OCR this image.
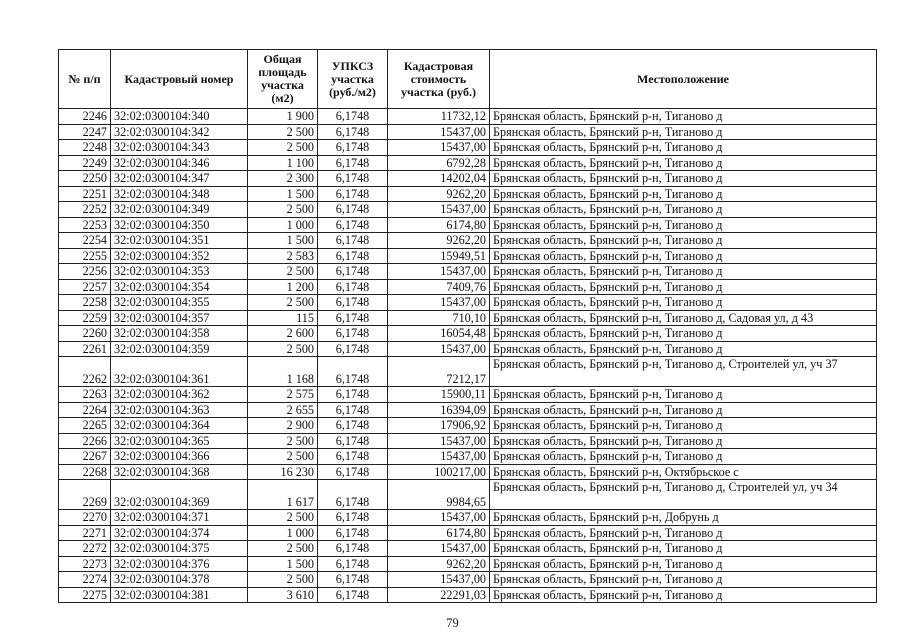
№ п/п	Кадастровый номер	Общая площадь участка (м2)	УПКСЗ участка (руб./м2)	Кадастровая стоимость участка (руб.)	Местоположение
2246	32:02:0300104:340	1 900	6,1748	11732,12	Брянская область, Брянский р-н, Тиганово д
2247	32:02:0300104:342	2 500	6,1748	15437,00	Брянская область, Брянский р-н, Тиганово д
2248	32:02:0300104:343	2 500	6,1748	15437,00	Брянская область, Брянский р-н, Тиганово д
2249	32:02:0300104:346	1 100	6,1748	6792,28	Брянская область, Брянский р-н, Тиганово д
2250	32:02:0300104:347	2 300	6,1748	14202,04	Брянская область, Брянский р-н, Тиганово д
2251	32:02:0300104:348	1 500	6,1748	9262,20	Брянская область, Брянский р-н, Тиганово д
2252	32:02:0300104:349	2 500	6,1748	15437,00	Брянская область, Брянский р-н, Тиганово д
2253	32:02:0300104:350	1 000	6,1748	6174,80	Брянская область, Брянский р-н, Тиганово д
2254	32:02:0300104:351	1 500	6,1748	9262,20	Брянская область, Брянский р-н, Тиганово д
2255	32:02:0300104:352	2 583	6,1748	15949,51	Брянская область, Брянский р-н, Тиганово д
2256	32:02:0300104:353	2 500	6,1748	15437,00	Брянская область, Брянский р-н, Тиганово д
2257	32:02:0300104:354	1 200	6,1748	7409,76	Брянская область, Брянский р-н, Тиганово д
2258	32:02:0300104:355	2 500	6,1748	15437,00	Брянская область, Брянский р-н, Тиганово д
2259	32:02:0300104:357	115	6,1748	710,10	Брянская область, Брянский р-н, Тиганово д, Садовая ул, д 43
2260	32:02:0300104:358	2 600	6,1748	16054,48	Брянская область, Брянский р-н, Тиганово д
2261	32:02:0300104:359	2 500	6,1748	15437,00	Брянская область, Брянский р-н, Тиганово д
2262	32:02:0300104:361	1 168	6,1748	7212,17	Брянская область, Брянский р-н, Тиганово д, Строителей ул, уч 37
2263	32:02:0300104:362	2 575	6,1748	15900,11	Брянская область, Брянский р-н, Тиганово д
2264	32:02:0300104:363	2 655	6,1748	16394,09	Брянская область, Брянский р-н, Тиганово д
2265	32:02:0300104:364	2 900	6,1748	17906,92	Брянская область, Брянский р-н, Тиганово д
2266	32:02:0300104:365	2 500	6,1748	15437,00	Брянская область, Брянский р-н, Тиганово д
2267	32:02:0300104:366	2 500	6,1748	15437,00	Брянская область, Брянский р-н, Тиганово д
2268	32:02:0300104:368	16 230	6,1748	100217,00	Брянская область, Брянский р-н, Октябрьское с
2269	32:02:0300104:369	1 617	6,1748	9984,65	Брянская область, Брянский р-н, Тиганово д, Строителей ул, уч 34
2270	32:02:0300104:371	2 500	6,1748	15437,00	Брянская область, Брянский р-н, Добрунь д
2271	32:02:0300104:374	1 000	6,1748	6174,80	Брянская область, Брянский р-н, Тиганово д
2272	32:02:0300104:375	2 500	6,1748	15437,00	Брянская область, Брянский р-н, Тиганово д
2273	32:02:0300104:376	1 500	6,1748	9262,20	Брянская область, Брянский р-н, Тиганово д
2274	32:02:0300104:378	2 500	6,1748	15437,00	Брянская область, Брянский р-н, Тиганово д
2275	32:02:0300104:381	3 610	6,1748	22291,03	Брянская область, Брянский р-н, Тиганово д
79
